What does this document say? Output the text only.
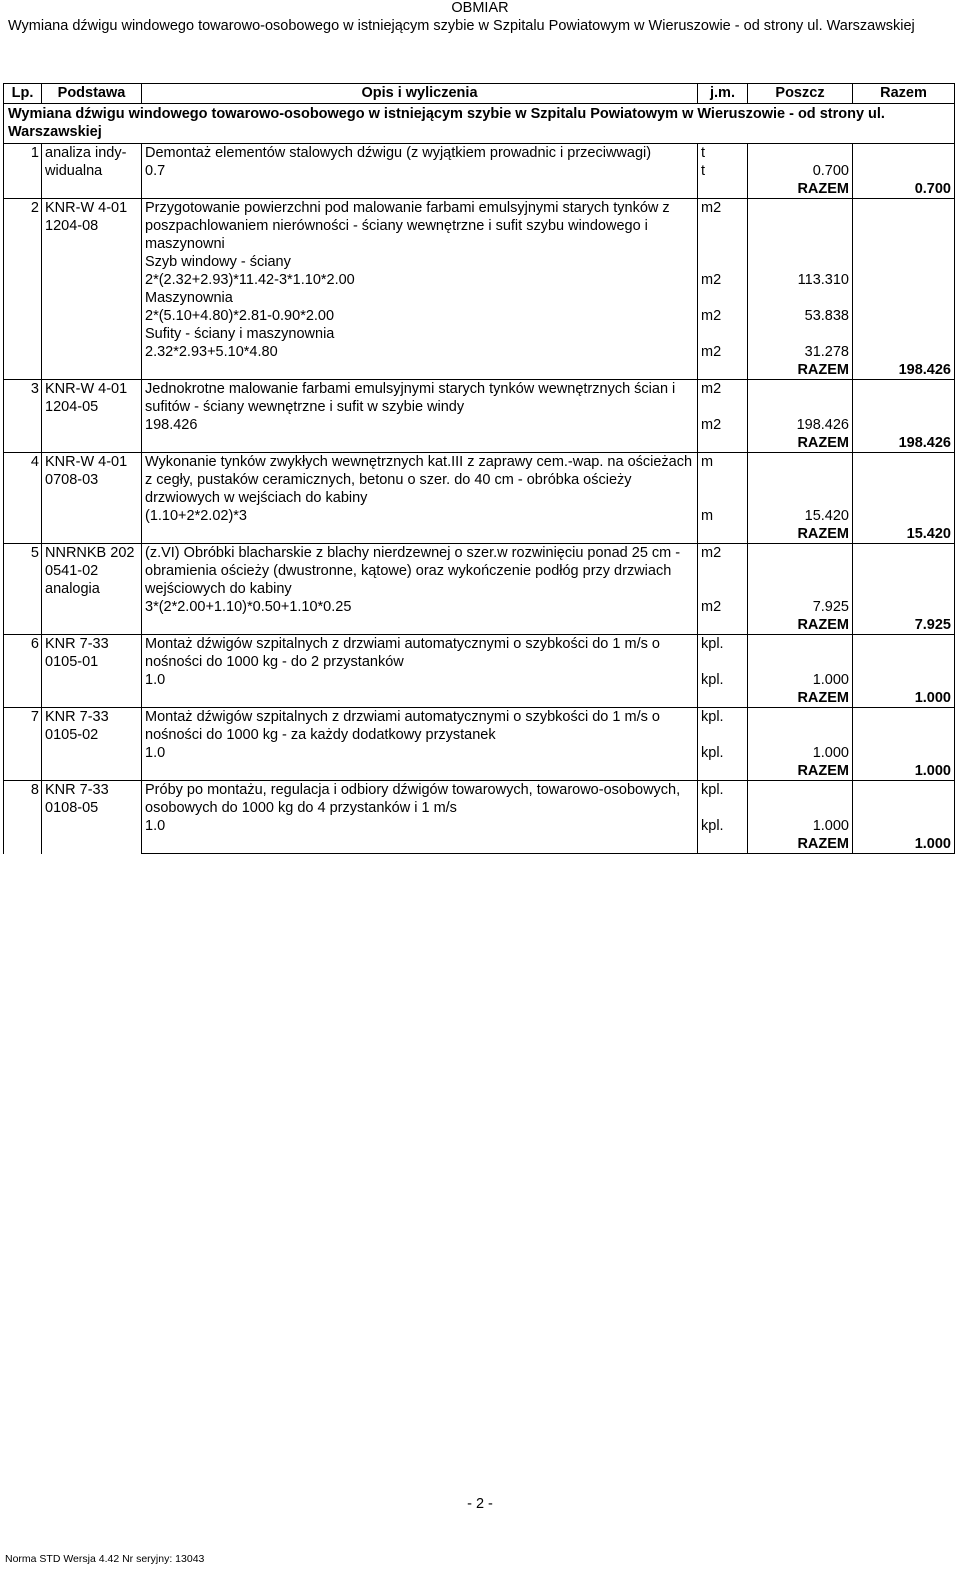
OBMIAR
Wymiana dźwigu windowego towarowo-osobowego w istniejącym szybie w Szpitalu Powiatowym w Wieruszowie - od strony ul. Warszawskiej
Lp.	Podstawa	Opis i wyliczenia	j.m.	Poszcz	Razem
Wymiana dźwigu windowego towarowo-osobowego w istniejącym szybie w Szpitalu Powiatowym w Wieruszowie - od strony ul. Warszawskiej					
1	analiza indy-widualna	Demontaż elementów stalowych dźwigu (z wyjątkiem prowadnic i przeciwwagi)	t		
		0.7	t	0.700	
				RAZEM	0.700
2	KNR-W 4-01 1204-08	Przygotowanie powierzchni pod malowanie farbami emulsyjnymi starych tynków z poszpachlowaniem nierówności - ściany wewnętrzne i sufit szybu windowego i maszynowni	m2		
		Szyb windowy - ściany			
		2*(2.32+2.93)*11.42-3*1.10*2.00	m2	113.310	
		Maszynownia			
		2*(5.10+4.80)*2.81-0.90*2.00	m2	53.838	
		Sufity - ściany i maszynownia			
		2.32*2.93+5.10*4.80	m2	31.278	
				RAZEM	198.426
3	KNR-W 4-01 1204-05	Jednokrotne malowanie farbami emulsyjnymi starych tynków wewnętrznych ścian i sufitów - ściany wewnętrzne i sufit w szybie windy	m2		
		198.426	m2	198.426	
				RAZEM	198.426
4	KNR-W 4-01 0708-03	Wykonanie tynków zwykłych wewnętrznych kat.III z zaprawy cem.-wap. na ościeżach z cegły, pustaków ceramicznych, betonu o szer. do 40 cm - obróbka ościeży drzwiowych w wejściach do kabiny	m		
		(1.10+2*2.02)*3	m	15.420	
				RAZEM	15.420
5	NNRNKB 202 0541-02 analogia	(z.VI) Obróbki blacharskie z blachy nierdzewnej o szer.w rozwinięciu ponad 25 cm - obramienia ościeży (dwustronne, kątowe) oraz wykończenie podłóg przy drzwiach wejściowych do kabiny	m2		
		3*(2*2.00+1.10)*0.50+1.10*0.25	m2	7.925	
				RAZEM	7.925
6	KNR 7-33 0105-01	Montaż dźwigów szpitalnych z drzwiami automatycznymi o szybkości do 1 m/s o nośności do 1000 kg - do 2 przystanków	kpl.		
		1.0	kpl.	1.000	
				RAZEM	1.000
7	KNR 7-33 0105-02	Montaż dźwigów szpitalnych z drzwiami automatycznymi o szybkości do 1 m/s o nośności do 1000 kg - za każdy dodatkowy przystanek	kpl.		
		1.0	kpl.	1.000	
				RAZEM	1.000
8	KNR 7-33 0108-05	Próby po montażu, regulacja i odbiory dźwigów towarowych, towarowo-osobowych, osobowych do 1000 kg do 4 przystanków i 1 m/s	kpl.		
		1.0	kpl.	1.000	
				RAZEM	1.000
- 2 -
Norma STD Wersja 4.42 Nr seryjny: 13043
